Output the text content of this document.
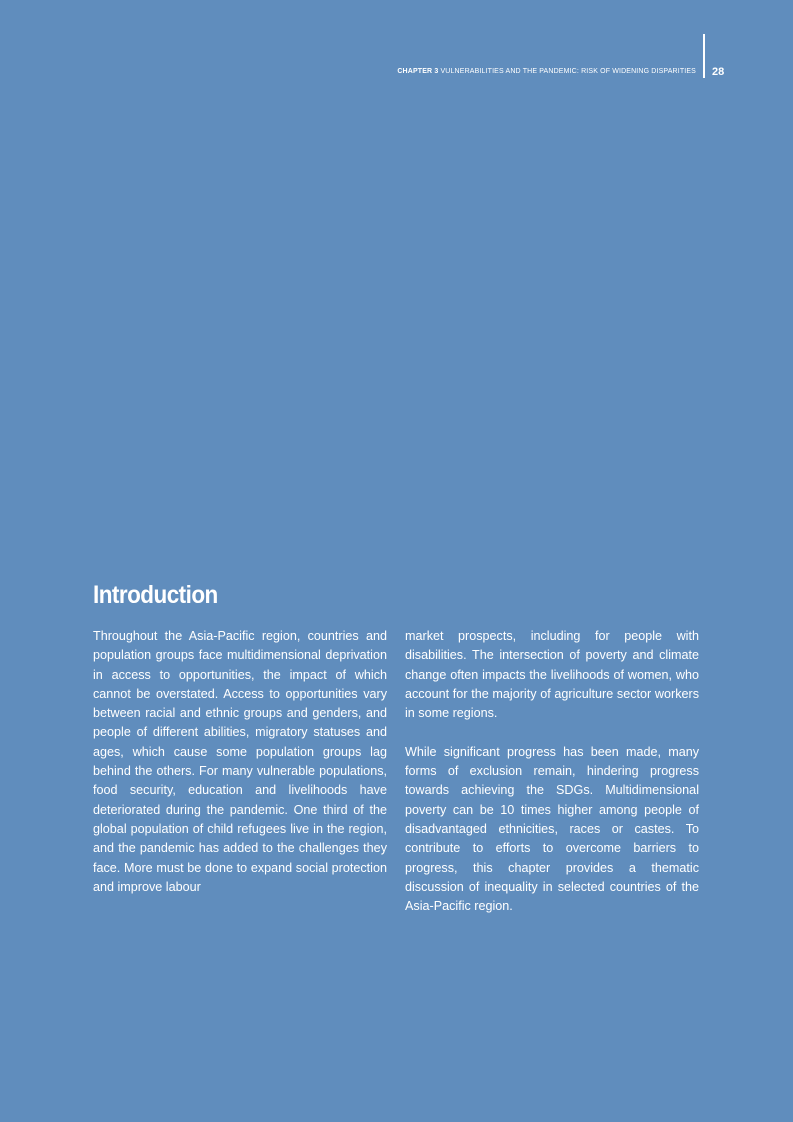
CHAPTER 3 VULNERABILITIES AND THE PANDEMIC: RISK OF WIDENING DISPARITIES 28
Introduction

Throughout the Asia-Pacific region, countries and population groups face multidimensional deprivation in access to opportunities, the impact of which cannot be overstated. Access to opportunities vary between racial and ethnic groups and genders, and people of different abilities, migratory statuses and ages, which cause some population groups lag behind the others. For many vulnerable populations, food security, education and livelihoods have deteriorated during the pandemic. One third of the global population of child refugees live in the region, and the pandemic has added to the challenges they face. More must be done to expand social protection and improve labour

market prospects, including for people with disabilities. The intersection of poverty and climate change often impacts the livelihoods of women, who account for the majority of agriculture sector workers in some regions.

While significant progress has been made, many forms of exclusion remain, hindering progress towards achieving the SDGs. Multidimensional poverty can be 10 times higher among people of disadvantaged ethnicities, races or castes. To contribute to efforts to overcome barriers to progress, this chapter provides a thematic discussion of inequality in selected countries of the Asia-Pacific region.
